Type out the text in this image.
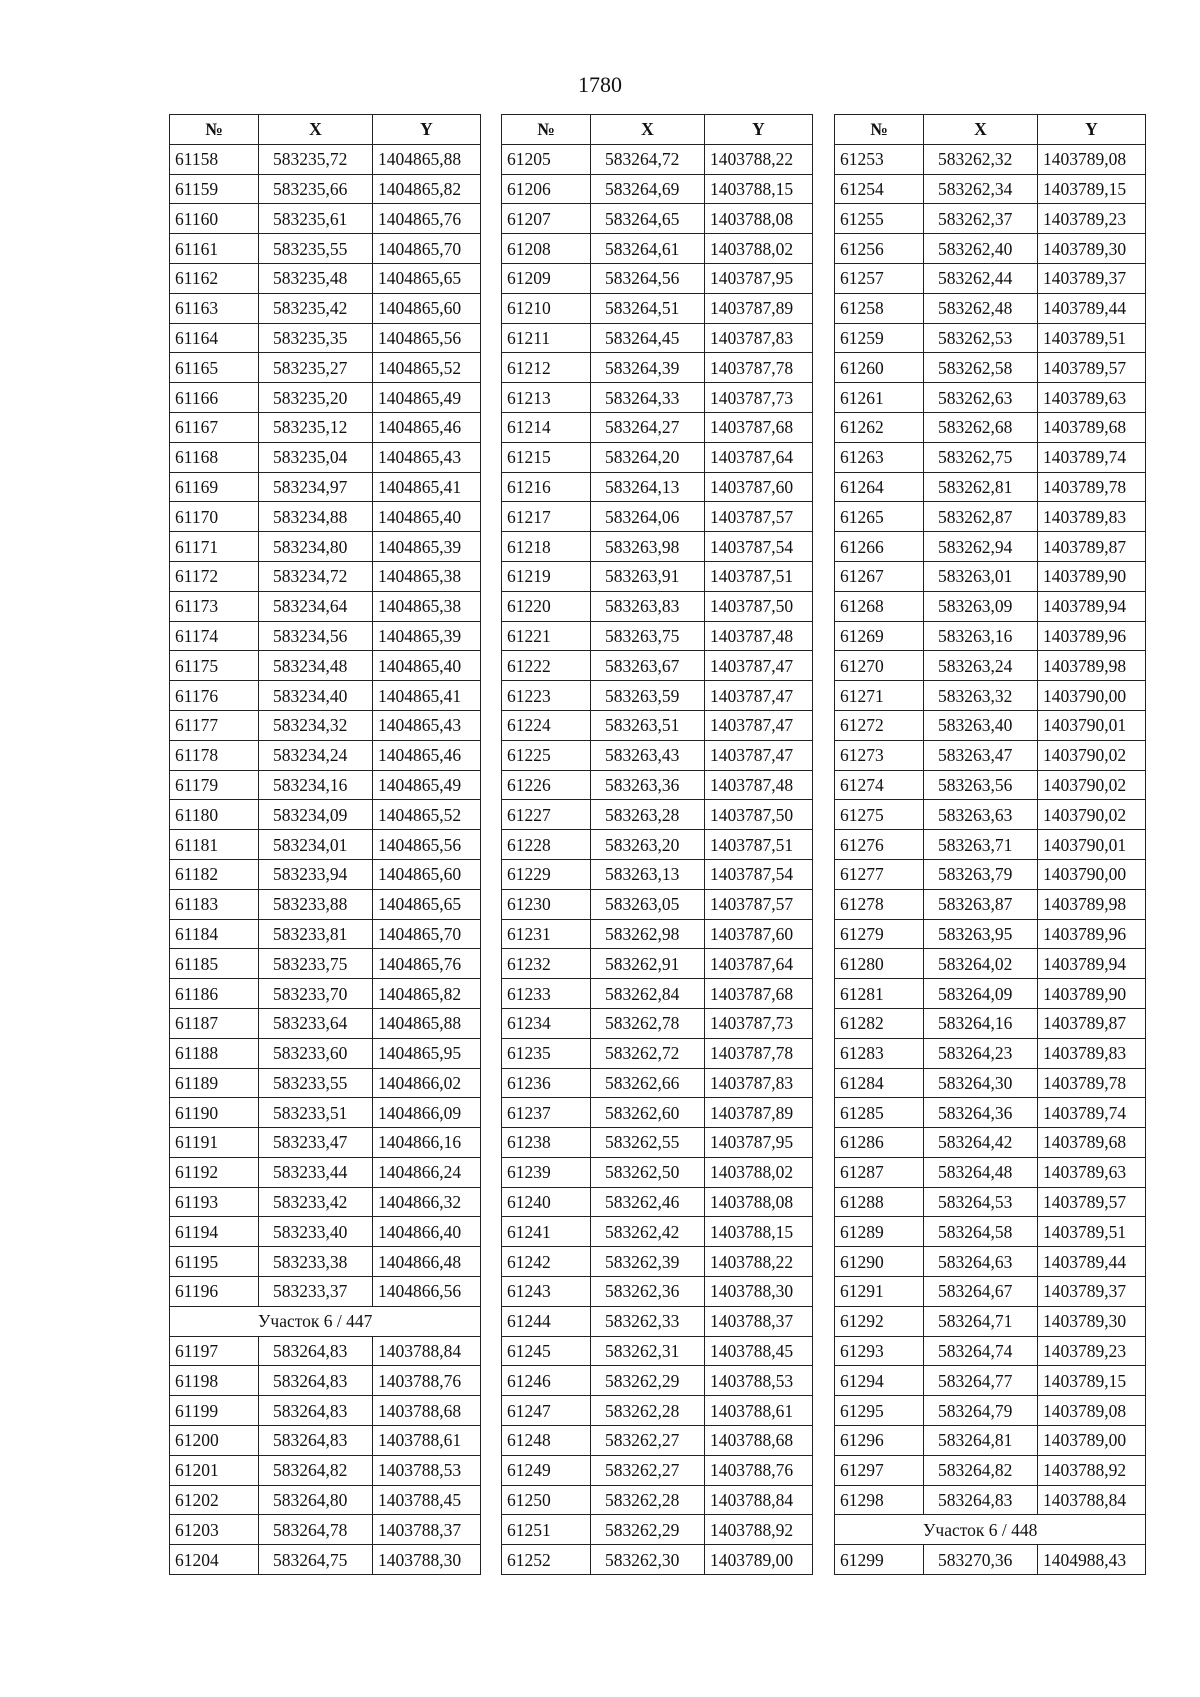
1780
№	X	Y
61158	583235,72	1404865,88
61159	583235,66	1404865,82
61160	583235,61	1404865,76
61161	583235,55	1404865,70
61162	583235,48	1404865,65
61163	583235,42	1404865,60
61164	583235,35	1404865,56
61165	583235,27	1404865,52
61166	583235,20	1404865,49
61167	583235,12	1404865,46
61168	583235,04	1404865,43
61169	583234,97	1404865,41
61170	583234,88	1404865,40
61171	583234,80	1404865,39
61172	583234,72	1404865,38
61173	583234,64	1404865,38
61174	583234,56	1404865,39
61175	583234,48	1404865,40
61176	583234,40	1404865,41
61177	583234,32	1404865,43
61178	583234,24	1404865,46
61179	583234,16	1404865,49
61180	583234,09	1404865,52
61181	583234,01	1404865,56
61182	583233,94	1404865,60
61183	583233,88	1404865,65
61184	583233,81	1404865,70
61185	583233,75	1404865,76
61186	583233,70	1404865,82
61187	583233,64	1404865,88
61188	583233,60	1404865,95
61189	583233,55	1404866,02
61190	583233,51	1404866,09
61191	583233,47	1404866,16
61192	583233,44	1404866,24
61193	583233,42	1404866,32
61194	583233,40	1404866,40
61195	583233,38	1404866,48
61196	583233,37	1404866,56
Участок 6 / 447		
61197	583264,83	1403788,84
61198	583264,83	1403788,76
61199	583264,83	1403788,68
61200	583264,83	1403788,61
61201	583264,82	1403788,53
61202	583264,80	1403788,45
61203	583264,78	1403788,37
61204	583264,75	1403788,30
№	X	Y
61205	583264,72	1403788,22
61206	583264,69	1403788,15
61207	583264,65	1403788,08
61208	583264,61	1403788,02
61209	583264,56	1403787,95
61210	583264,51	1403787,89
61211	583264,45	1403787,83
61212	583264,39	1403787,78
61213	583264,33	1403787,73
61214	583264,27	1403787,68
61215	583264,20	1403787,64
61216	583264,13	1403787,60
61217	583264,06	1403787,57
61218	583263,98	1403787,54
61219	583263,91	1403787,51
61220	583263,83	1403787,50
61221	583263,75	1403787,48
61222	583263,67	1403787,47
61223	583263,59	1403787,47
61224	583263,51	1403787,47
61225	583263,43	1403787,47
61226	583263,36	1403787,48
61227	583263,28	1403787,50
61228	583263,20	1403787,51
61229	583263,13	1403787,54
61230	583263,05	1403787,57
61231	583262,98	1403787,60
61232	583262,91	1403787,64
61233	583262,84	1403787,68
61234	583262,78	1403787,73
61235	583262,72	1403787,78
61236	583262,66	1403787,83
61237	583262,60	1403787,89
61238	583262,55	1403787,95
61239	583262,50	1403788,02
61240	583262,46	1403788,08
61241	583262,42	1403788,15
61242	583262,39	1403788,22
61243	583262,36	1403788,30
61244	583262,33	1403788,37
61245	583262,31	1403788,45
61246	583262,29	1403788,53
61247	583262,28	1403788,61
61248	583262,27	1403788,68
61249	583262,27	1403788,76
61250	583262,28	1403788,84
61251	583262,29	1403788,92
61252	583262,30	1403789,00
№	X	Y
61253	583262,32	1403789,08
61254	583262,34	1403789,15
61255	583262,37	1403789,23
61256	583262,40	1403789,30
61257	583262,44	1403789,37
61258	583262,48	1403789,44
61259	583262,53	1403789,51
61260	583262,58	1403789,57
61261	583262,63	1403789,63
61262	583262,68	1403789,68
61263	583262,75	1403789,74
61264	583262,81	1403789,78
61265	583262,87	1403789,83
61266	583262,94	1403789,87
61267	583263,01	1403789,90
61268	583263,09	1403789,94
61269	583263,16	1403789,96
61270	583263,24	1403789,98
61271	583263,32	1403790,00
61272	583263,40	1403790,01
61273	583263,47	1403790,02
61274	583263,56	1403790,02
61275	583263,63	1403790,02
61276	583263,71	1403790,01
61277	583263,79	1403790,00
61278	583263,87	1403789,98
61279	583263,95	1403789,96
61280	583264,02	1403789,94
61281	583264,09	1403789,90
61282	583264,16	1403789,87
61283	583264,23	1403789,83
61284	583264,30	1403789,78
61285	583264,36	1403789,74
61286	583264,42	1403789,68
61287	583264,48	1403789,63
61288	583264,53	1403789,57
61289	583264,58	1403789,51
61290	583264,63	1403789,44
61291	583264,67	1403789,37
61292	583264,71	1403789,30
61293	583264,74	1403789,23
61294	583264,77	1403789,15
61295	583264,79	1403789,08
61296	583264,81	1403789,00
61297	583264,82	1403788,92
61298	583264,83	1403788,84
Участок 6 / 448		
61299	583270,36	1404988,43
